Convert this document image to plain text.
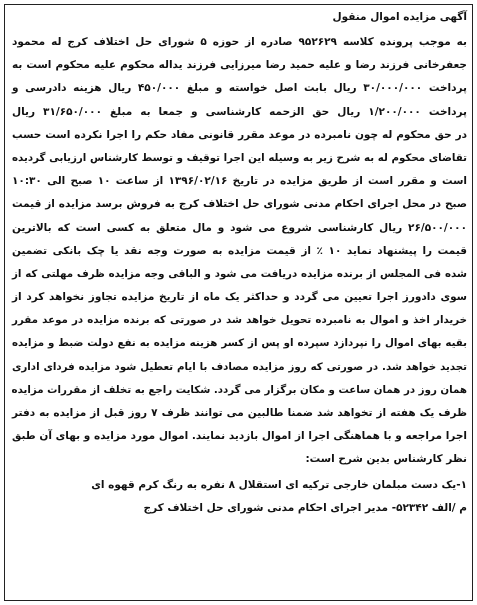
آگهی مزایده اموال منقول
به موجب پرونده کلاسه ۹۵۲۶۲۹ صادره از حوزه ۵ شورای حل اختلاف کرج له محمود
جعفرخانی فرزند رضا و علیه حمید رضا میرزایی فرزند یداله محکوم علیه محکوم است به
پرداخت ۳۰/۰۰۰/۰۰۰ ریال بابت اصل خواسته و مبلغ ۴۵۰/۰۰۰ ریال هزینه دادرسی و
پرداخت ۱/۲۰۰/۰۰۰ ریال حق الزحمه کارشناسی و جمعا به مبلغ ۳۱/۶۵۰/۰۰۰ ریال
در حق محکوم له چون نامبرده در موعد مقرر قانونی مفاد حکم را اجرا نکرده است حسب
تقاضای محکوم له به شرح زیر به وسیله این اجرا توقیف و توسط کارشناس ارزیابی گردیده
است و مقرر است از طریق مزایده در تاریخ ۱۳۹۶/۰۲/۱۶ از ساعت ۱۰ صبح الی ۱۰:۳۰
صبح در محل اجرای احکام مدنی شورای حل اختلاف کرج به فروش برسد مزایده از قیمت
۲۶/۵۰۰/۰۰۰ ریال کارشناسی شروع می شود و مال متعلق به کسی است که بالاترین
قیمت را پیشنهاد نماید ۱۰ ٪ از قیمت مزایده به صورت وجه نقد یا چک بانکی تضمین
شده فی المجلس از برنده مزایده دریافت می شود و الباقی وجه مزایده ظرف مهلتی که از
سوی دادورز اجرا تعیین می گردد و حداکثر یک ماه از تاریخ مزایده تجاوز نخواهد کرد از
خریدار اخذ و اموال به نامبرده تحویل خواهد شد در صورتی که برنده مزایده در موعد مقرر
بقیه بهای اموال را نپردازد سپرده او پس از کسر هزینه مزایده به نفع دولت ضبط و مزایده
تجدید خواهد شد. در صورتی که روز مزایده مصادف با ایام تعطیل شود مزایده فردای اداری
همان روز در همان ساعت و مکان برگزار می گردد. شکایت راجع به تخلف از مقررات مزایده
ظرف یک هفته از تخواهد شد ضمنا طالبین می توانند ظرف ۷ روز قبل از مزایده به دفتر
اجرا مراجعه و با هماهنگی اجرا از اموال بازدید نمایند. اموال مورد مزایده و بهای آن طبق
نظر کارشناس بدین شرح است:
۱-یک دست مبلمان خارجی ترکیه ای استقلال ۸ نفره به رنگ کرم قهوه ای
م /الف ۵۲۳۴۲- مدیر اجرای احکام مدنی شورای حل اختلاف کرج
